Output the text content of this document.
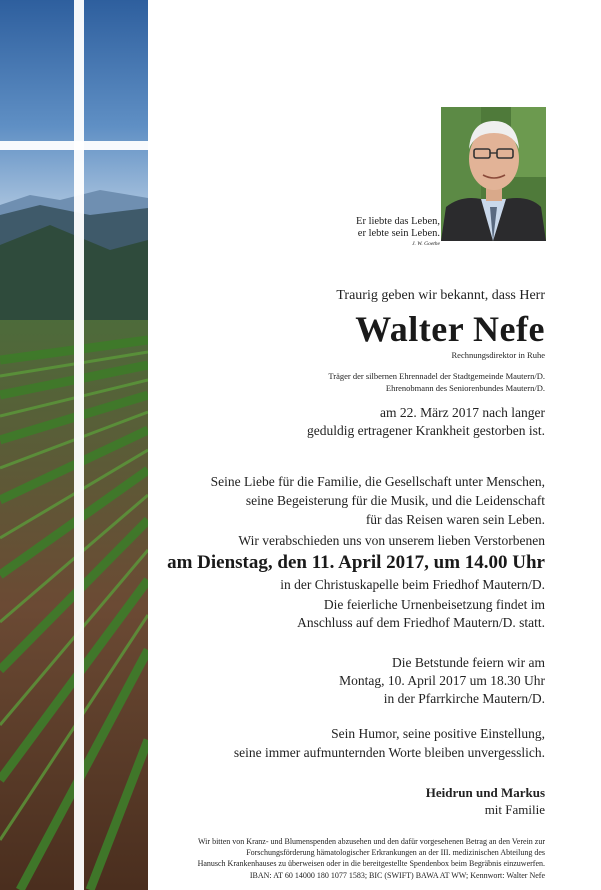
Er liebte das Leben,
er lebte sein Leben.
J. W. Goethe
Traurig geben wir bekannt, dass Herr
Walter Nefe
Rechnungsdirektor in Ruhe
Träger der silbernen Ehrennadel der Stadtgemeinde Mautern/D.
Ehrenobmann des Seniorenbundes Mautern/D.
am 22. März 2017 nach langer
geduldig ertragener Krankheit gestorben ist.
Seine Liebe für die Familie, die Gesellschaft unter Menschen,
seine Begeisterung für die Musik, und die Leidenschaft
für das Reisen waren sein Leben.
Wir verabschieden uns von unserem lieben Verstorbenen
am Dienstag, den 11. April 2017, um 14.00 Uhr
in der Christuskapelle beim Friedhof Mautern/D.
Die feierliche Urnenbeisetzung findet im
Anschluss auf dem Friedhof Mautern/D. statt.
Die Betstunde feiern wir am
Montag, 10. April 2017 um 18.30 Uhr
in der Pfarrkirche Mautern/D.
Sein Humor, seine positive Einstellung,
seine immer aufmunternden Worte bleiben unvergesslich.
Heidrun und Markus
mit Familie
Wir bitten von Kranz- und Blumenspenden abzusehen und den dafür vorgesehenen Betrag an den Verein zur
Forschungsförderung hämatologischer Erkrankungen an der III. medizinischen Abteilung des
Hanusch Krankenhauses zu überweisen oder in die bereitgestellte Spendenbox beim Begräbnis einzuwerfen.
IBAN: AT 60 14000 180 1077 1583; BIC (SWIFT) BAWA AT WW; Kennwort: Walter Nefe
